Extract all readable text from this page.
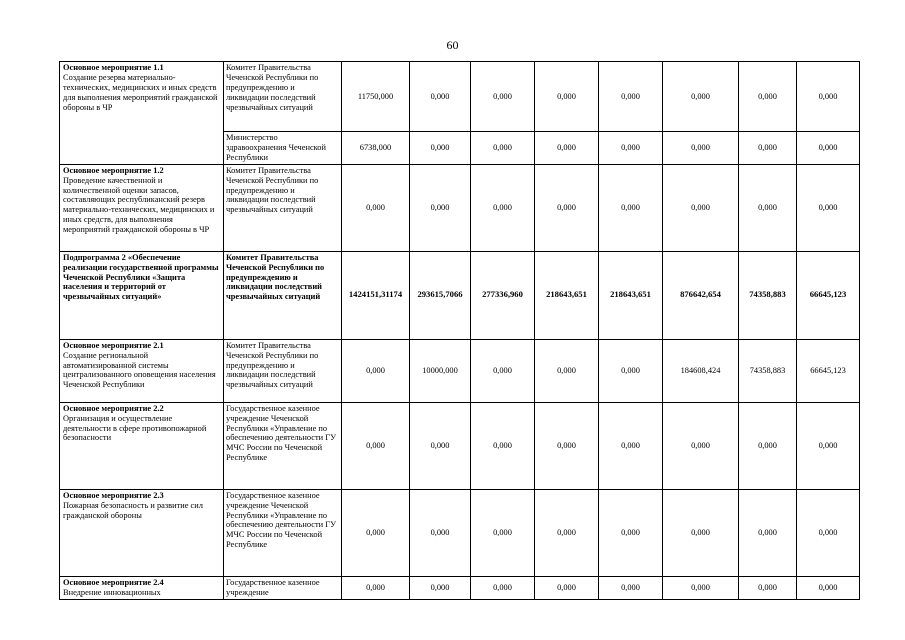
60
Основное мероприятие 1.1
Создание резерва материально-технических, медицинских и иных средств для выполнения мероприятий гражданской обороны в ЧР	Комитет Правительства Чеченской Республики по предупреждению и ликвидации последствий чрезвычайных ситуаций	11750,000	0,000	0,000	0,000	0,000	0,000	0,000	0,000
	Министерство здравоохранения Чеченской Республики	6738,000	0,000	0,000	0,000	0,000	0,000	0,000	0,000

Основное мероприятие 1.2
Проведение качественной и количественной оценки запасов, составляющих республиканский резерв материально-технических, медицинских и иных средств, для выполнения мероприятий гражданской обороны в ЧР	Комитет Правительства Чеченской Республики по предупреждению и ликвидации последствий чрезвычайных ситуаций	0,000	0,000	0,000	0,000	0,000	0,000	0,000	0,000

Подпрограмма 2 «Обеспечение реализации государственной программы Чеченской Республики «Защита населения и территорий от чрезвычайных ситуаций»	Комитет Правительства Чеченской Республики по предупреждению и ликвидации последствий чрезвычайных ситуаций	1424151,31174	293615,7066	277336,960	218643,651	218643,651	876642,654	74358,883	66645,123

Основное мероприятие 2.1
Создание региональной автоматизированной системы централизованного оповещения населения Чеченской Республики	Комитет Правительства Чеченской Республики по предупреждению и ликвидации последствий чрезвычайных ситуаций	0,000	10000,000	0,000	0,000	0,000	184608,424	74358,883	66645,123

Основное мероприятие 2.2
Организация и осуществление деятельности в сфере противопожарной безопасности	Государственное казенное учреждение Чеченской Республики «Управление по обеспечению деятельности ГУ МЧС России по Чеченской Республике	0,000	0,000	0,000	0,000	0,000	0,000	0,000	0,000

Основное мероприятие 2.3
Пожарная безопасность и развитие сил гражданской обороны	Государственное казенное учреждение Чеченской Республики «Управление по обеспечению деятельности ГУ МЧС России по Чеченской Республике	0,000	0,000	0,000	0,000	0,000	0,000	0,000	0,000

Основное мероприятие 2.4
Внедрение инновационных	Государственное казенное учреждение	0,000	0,000	0,000	0,000	0,000	0,000	0,000	0,000
